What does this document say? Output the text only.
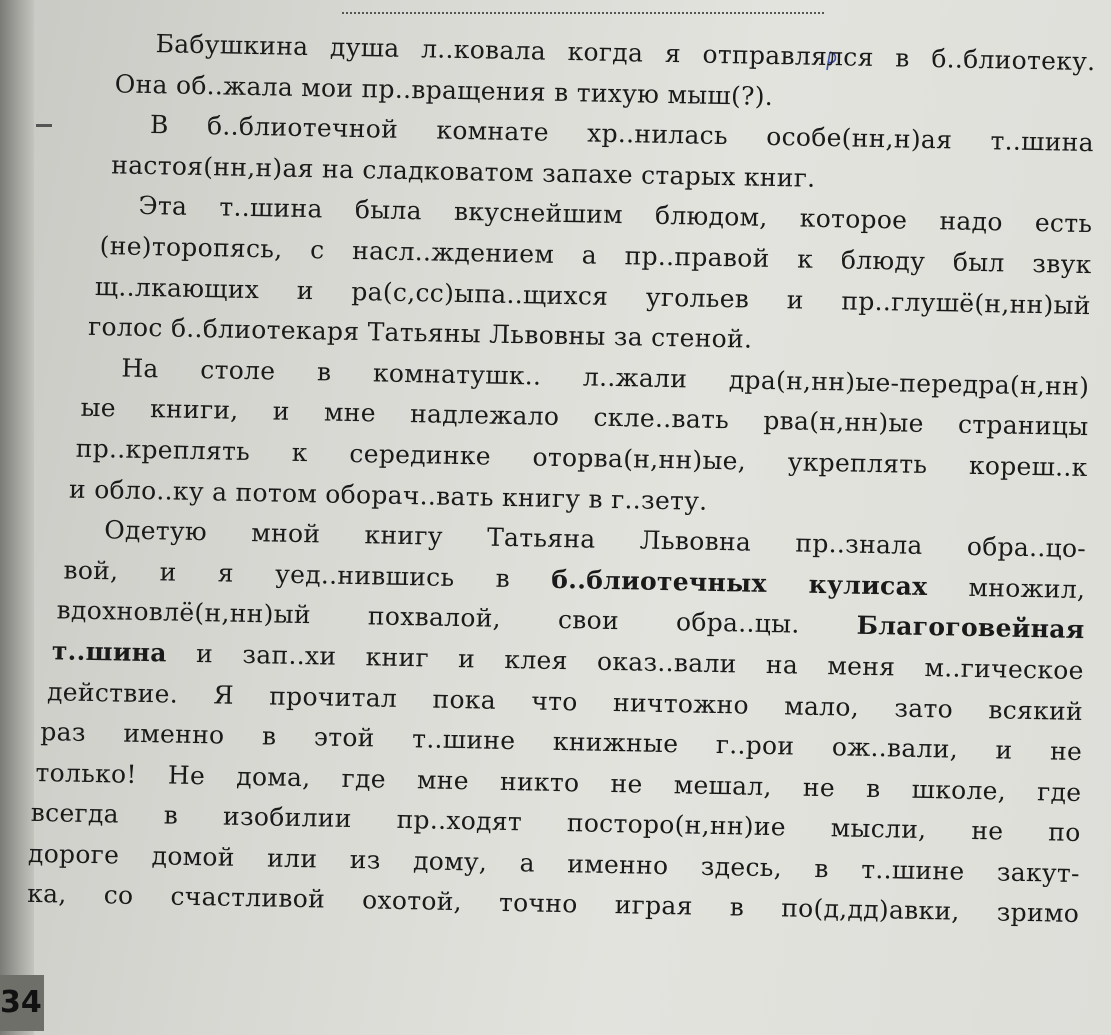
Бабушкина душа л..ковала когда я отправлялся в б..блиотеку.
Она об..жала мои пр..вращения в тихую мыш(?).
В б..блиотечной комнате хр..нилась особе(нн,н)ая т..шина
настоя(нн,н)ая на сладковатом запахе старых книг.
Эта т..шина была вкуснейшим блюдом, которое надо есть
(не)торопясь, с насл..ждением а пр..правой к блюду был звук
щ..лкающих и ра(с,сс)ыпа..щихся угольев и пр..глушё(н,нн)ый
голос б..блиотекаря Татьяны Львовны за стеной.
На столе в комнатушк.. л..жали дра(н,нн)ые-передра(н,нн)
ые книги, и мне надлежало скле..вать рва(н,нн)ые страницы
пр..креплять к серединке оторва(н,нн)ые, укреплять кореш..к
и обло..ку а потом оборач..вать книгу в г..зету.
Одетую мной книгу Татьяна Львовна пр..знала обра..цо-
вой, и я уед..нившись в б..блиотечных кулисах множил,
вдохновлё(н,нн)ый похвалой, свои обра..цы. Благоговейная
т..шина и зап..хи книг и клея оказ..вали на меня м..гическое
действие. Я прочитал пока что ничтожно мало, зато всякий
раз именно в этой т..шине книжные г..рои ож..вали, и не
только! Не дома, где мне никто не мешал, не в школе, где
всегда в изобилии пр..ходят посторо(н,нн)ие мысли, не по
дороге домой или из дому, а именно здесь, в т..шине закут-
ка, со счастливой охотой, точно играя в по(д,дд)авки, зримо
34
